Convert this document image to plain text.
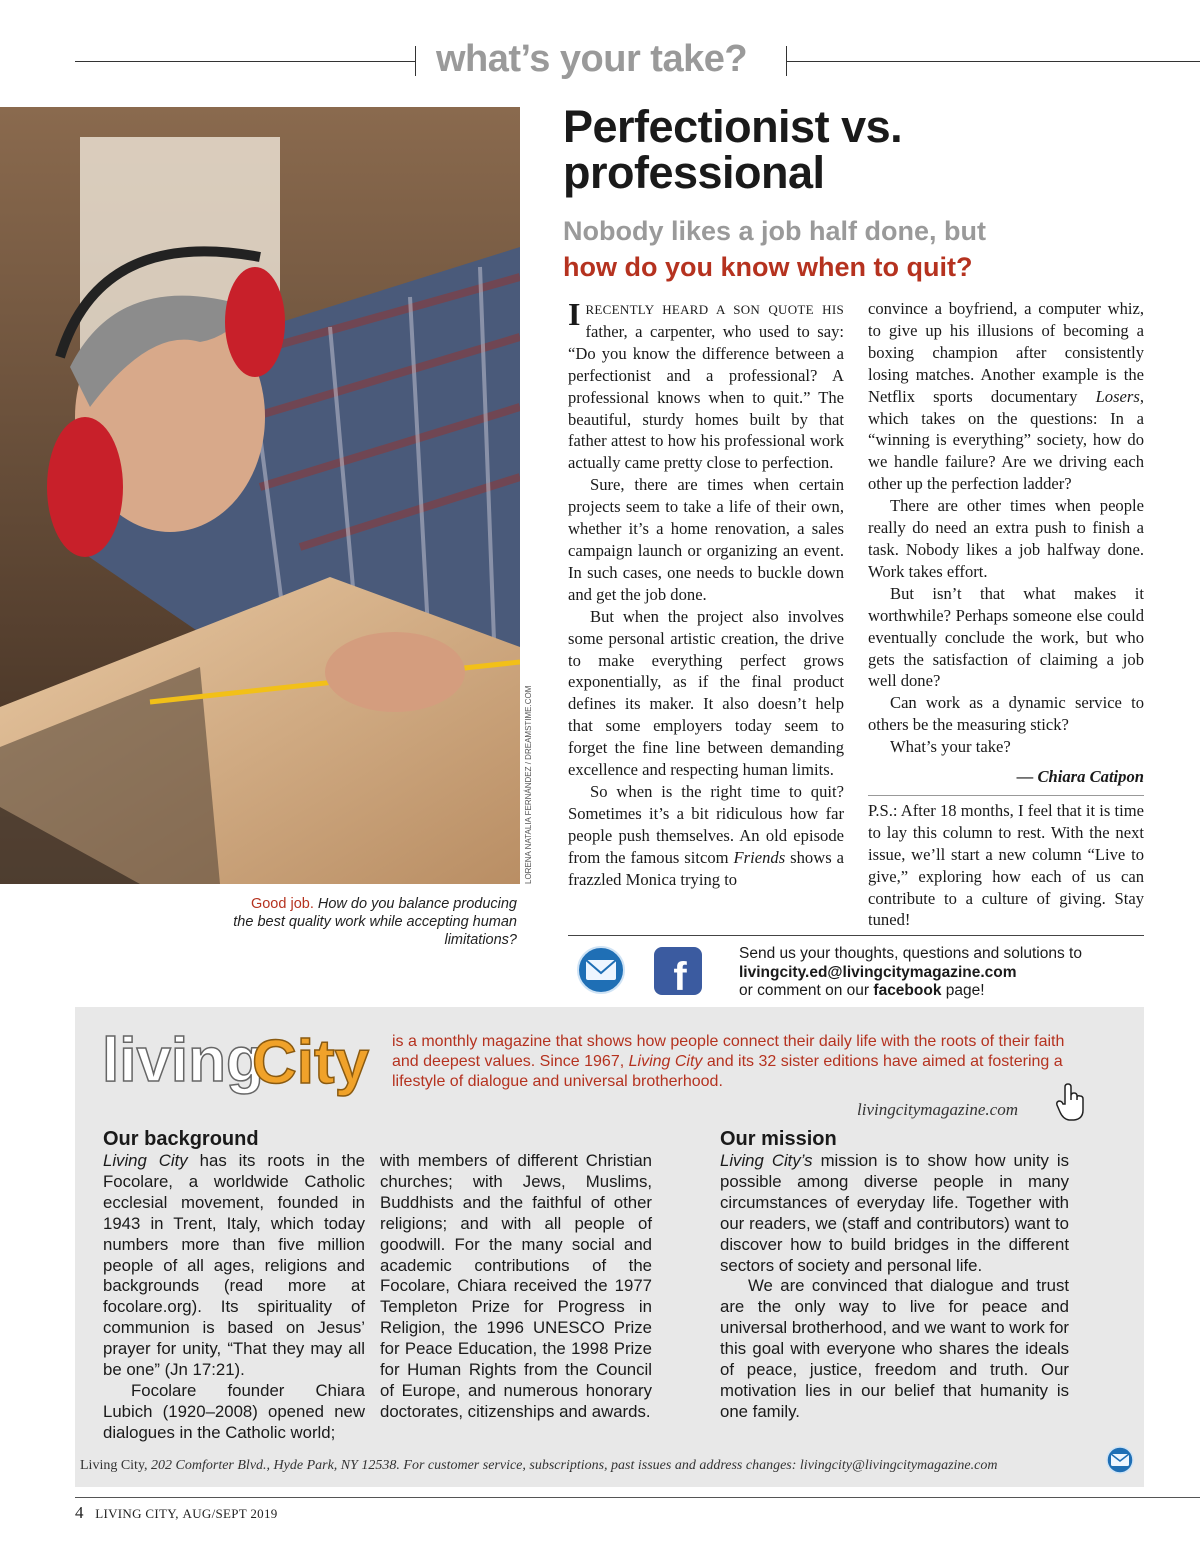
what’s your take?
LORENA NATALIA FERNÁNDEZ / DREAMSTIME.COM
Good job. How do you balance producing the best quality work while accepting human limitations?
Perfectionist vs. professional
Nobody likes a job half done, but
how do you know when to quit?

IRECENTLY HEARD A SON QUOTE HIS father, a carpenter, who used to say: “Do you know the difference between a perfectionist and a professional? A professional knows when to quit.” The beautiful, sturdy homes built by that father attest to how his professional work actually came pretty close to perfection.

Sure, there are times when certain projects seem to take a life of their own, whether it’s a home renovation, a sales campaign launch or organizing an event. In such cases, one needs to buckle down and get the job done.

But when the project also involves some personal artistic creation, the drive to make everything perfect grows exponentially, as if the final product defines its maker. It also doesn’t help that some employers today seem to forget the fine line between demanding excellence and respecting human limits.

So when is the right time to quit? Sometimes it’s a bit ridiculous how far people push themselves. An old episode from the famous sitcom Friends shows a frazzled Monica trying to

convince a boyfriend, a computer whiz, to give up his illusions of becoming a boxing champion after consistently losing matches. Another example is the Netflix sports documentary Losers, which takes on the questions: In a “winning is everything” society, how do we handle failure? Are we driving each other up the perfection ladder?

There are other times when people really do need an extra push to finish a task. Nobody likes a job halfway done. Work takes effort.

But isn’t that what makes it worthwhile? Perhaps someone else could eventually conclude the work, but who gets the satisfaction of claiming a job well done?

Can work as a dynamic service to others be the measuring stick?

What’s your take?

— Chiara Catipon

P.S.: After 18 months, I feel that it is time to lay this column to rest. With the next issue, we’ll start a new column “Live to give,” exploring how each of us can contribute to a culture of giving. Stay tuned!

f
Send us your thoughts, questions and solutions to
livingcity.ed@livingcitymagazine.com
or comment on our facebook page!
living
City is a monthly magazine that shows how people connect their daily life with the roots of their faith and deepest values. Since 1967, Living City and its 32 sister editions have aimed at fostering a lifestyle of dialogue and universal brotherhood.
livingcitymagazine.com
Our background

Living City has its roots in the Focolare, a worldwide Catholic ecclesial movement, founded in 1943 in Trent, Italy, which today numbers more than five million people of all ages, religions and backgrounds (read more at focolare.org). Its spirituality of communion is based on Jesus’ prayer for unity, “That they may all be one” (Jn 17:21).

Focolare founder Chiara Lubich (1920–2008) opened new dialogues in the Catholic world;

with members of different Christian churches; with Jews, Muslims, Buddhists and the faithful of other religions; and with all people of goodwill. For the many social and academic contributions of the Focolare, Chiara received the 1977 Templeton Prize for Progress in Religion, the 1996 UNESCO Prize for Peace Education, the 1998 Prize for Human Rights from the Council of Europe, and numerous honorary doctorates, citizenships and awards.

Our mission

Living City’s mission is to show how unity is possible among diverse people in many circumstances of everyday life. Together with our readers, we (staff and contributors) want to discover how to build bridges in the different sectors of society and personal life.

We are convinced that dialogue and trust are the only way to live for peace and universal brotherhood, and we want to work for this goal with everyone who shares the ideals of peace, justice, freedom and truth. Our motivation lies in our belief that humanity is one family.

Living City, 202 Comforter Blvd., Hyde Park, NY 12538. For customer service, subscriptions, past issues and address changes: livingcity@livingcitymagazine.com
4 LIVING CITY, AUG/SEPT 2019
